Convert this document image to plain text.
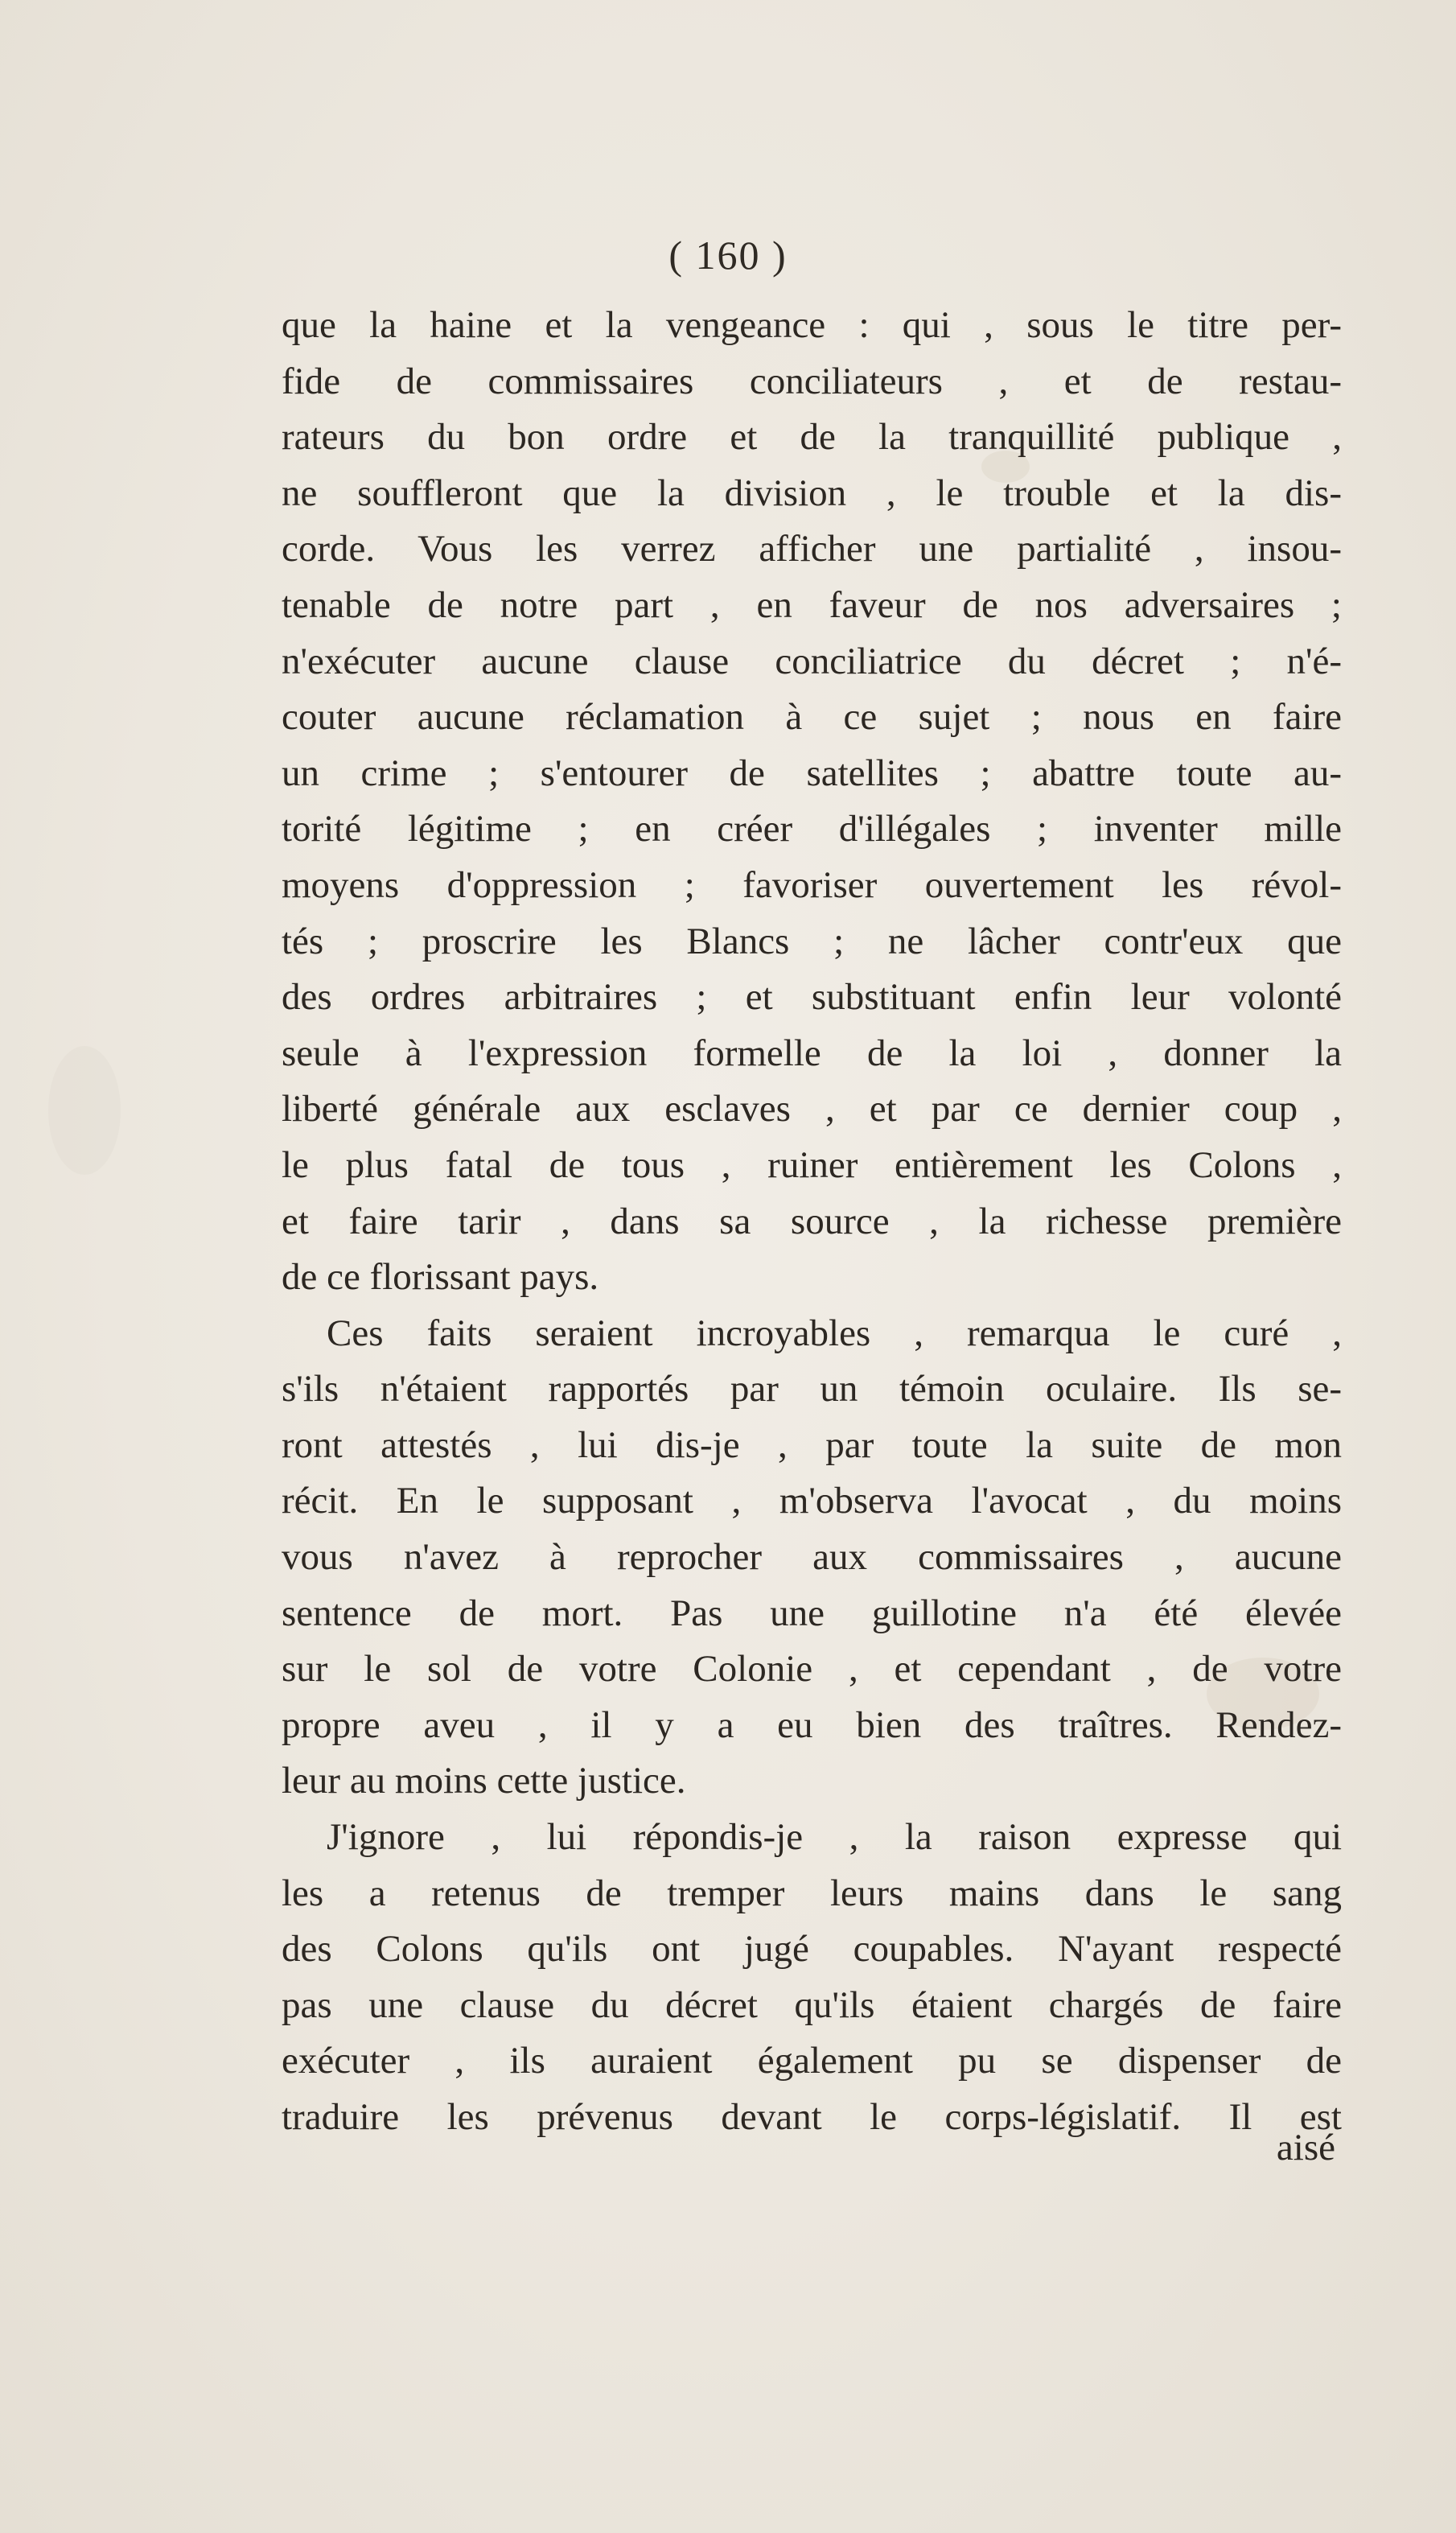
( 160 )
que la haine et la vengeance : qui , sous le titre per-
fide de commissaires conciliateurs , et de restau-
rateurs du bon ordre et de la tranquillité publique ,
ne souffleront que la division , le trouble et la dis-
corde. Vous les verrez afficher une partialité , insou-
tenable de notre part , en faveur de nos adversaires ;
n'exécuter aucune clause conciliatrice du décret ; n'é-
couter aucune réclamation à ce sujet ; nous en faire
un crime ; s'entourer de satellites ; abattre toute au-
torité légitime ; en créer d'illégales ; inventer mille
moyens d'oppression ; favoriser ouvertement les révol-
tés ; proscrire les Blancs ; ne lâcher contr'eux que
des ordres arbitraires ; et substituant enfin leur volonté
seule à l'expression formelle de la loi , donner la
liberté générale aux esclaves , et par ce dernier coup ,
le plus fatal de tous , ruiner entièrement les Colons ,
et faire tarir , dans sa source , la richesse première
de ce florissant pays.
Ces faits seraient incroyables , remarqua le curé ,
s'ils n'étaient rapportés par un témoin oculaire. Ils se-
ront attestés , lui dis-je , par toute la suite de mon
récit. En le supposant , m'observa l'avocat , du moins
vous n'avez à reprocher aux commissaires , aucune
sentence de mort. Pas une guillotine n'a été élevée
sur le sol de votre Colonie , et cependant , de votre
propre aveu , il y a eu bien des traîtres. Rendez-
leur au moins cette justice.
J'ignore , lui répondis-je , la raison expresse qui
les a retenus de tremper leurs mains dans le sang
des Colons qu'ils ont jugé coupables. N'ayant respecté
pas une clause du décret qu'ils étaient chargés de faire
exécuter , ils auraient également pu se dispenser de
traduire les prévenus devant le corps-législatif. Il est
aisé
